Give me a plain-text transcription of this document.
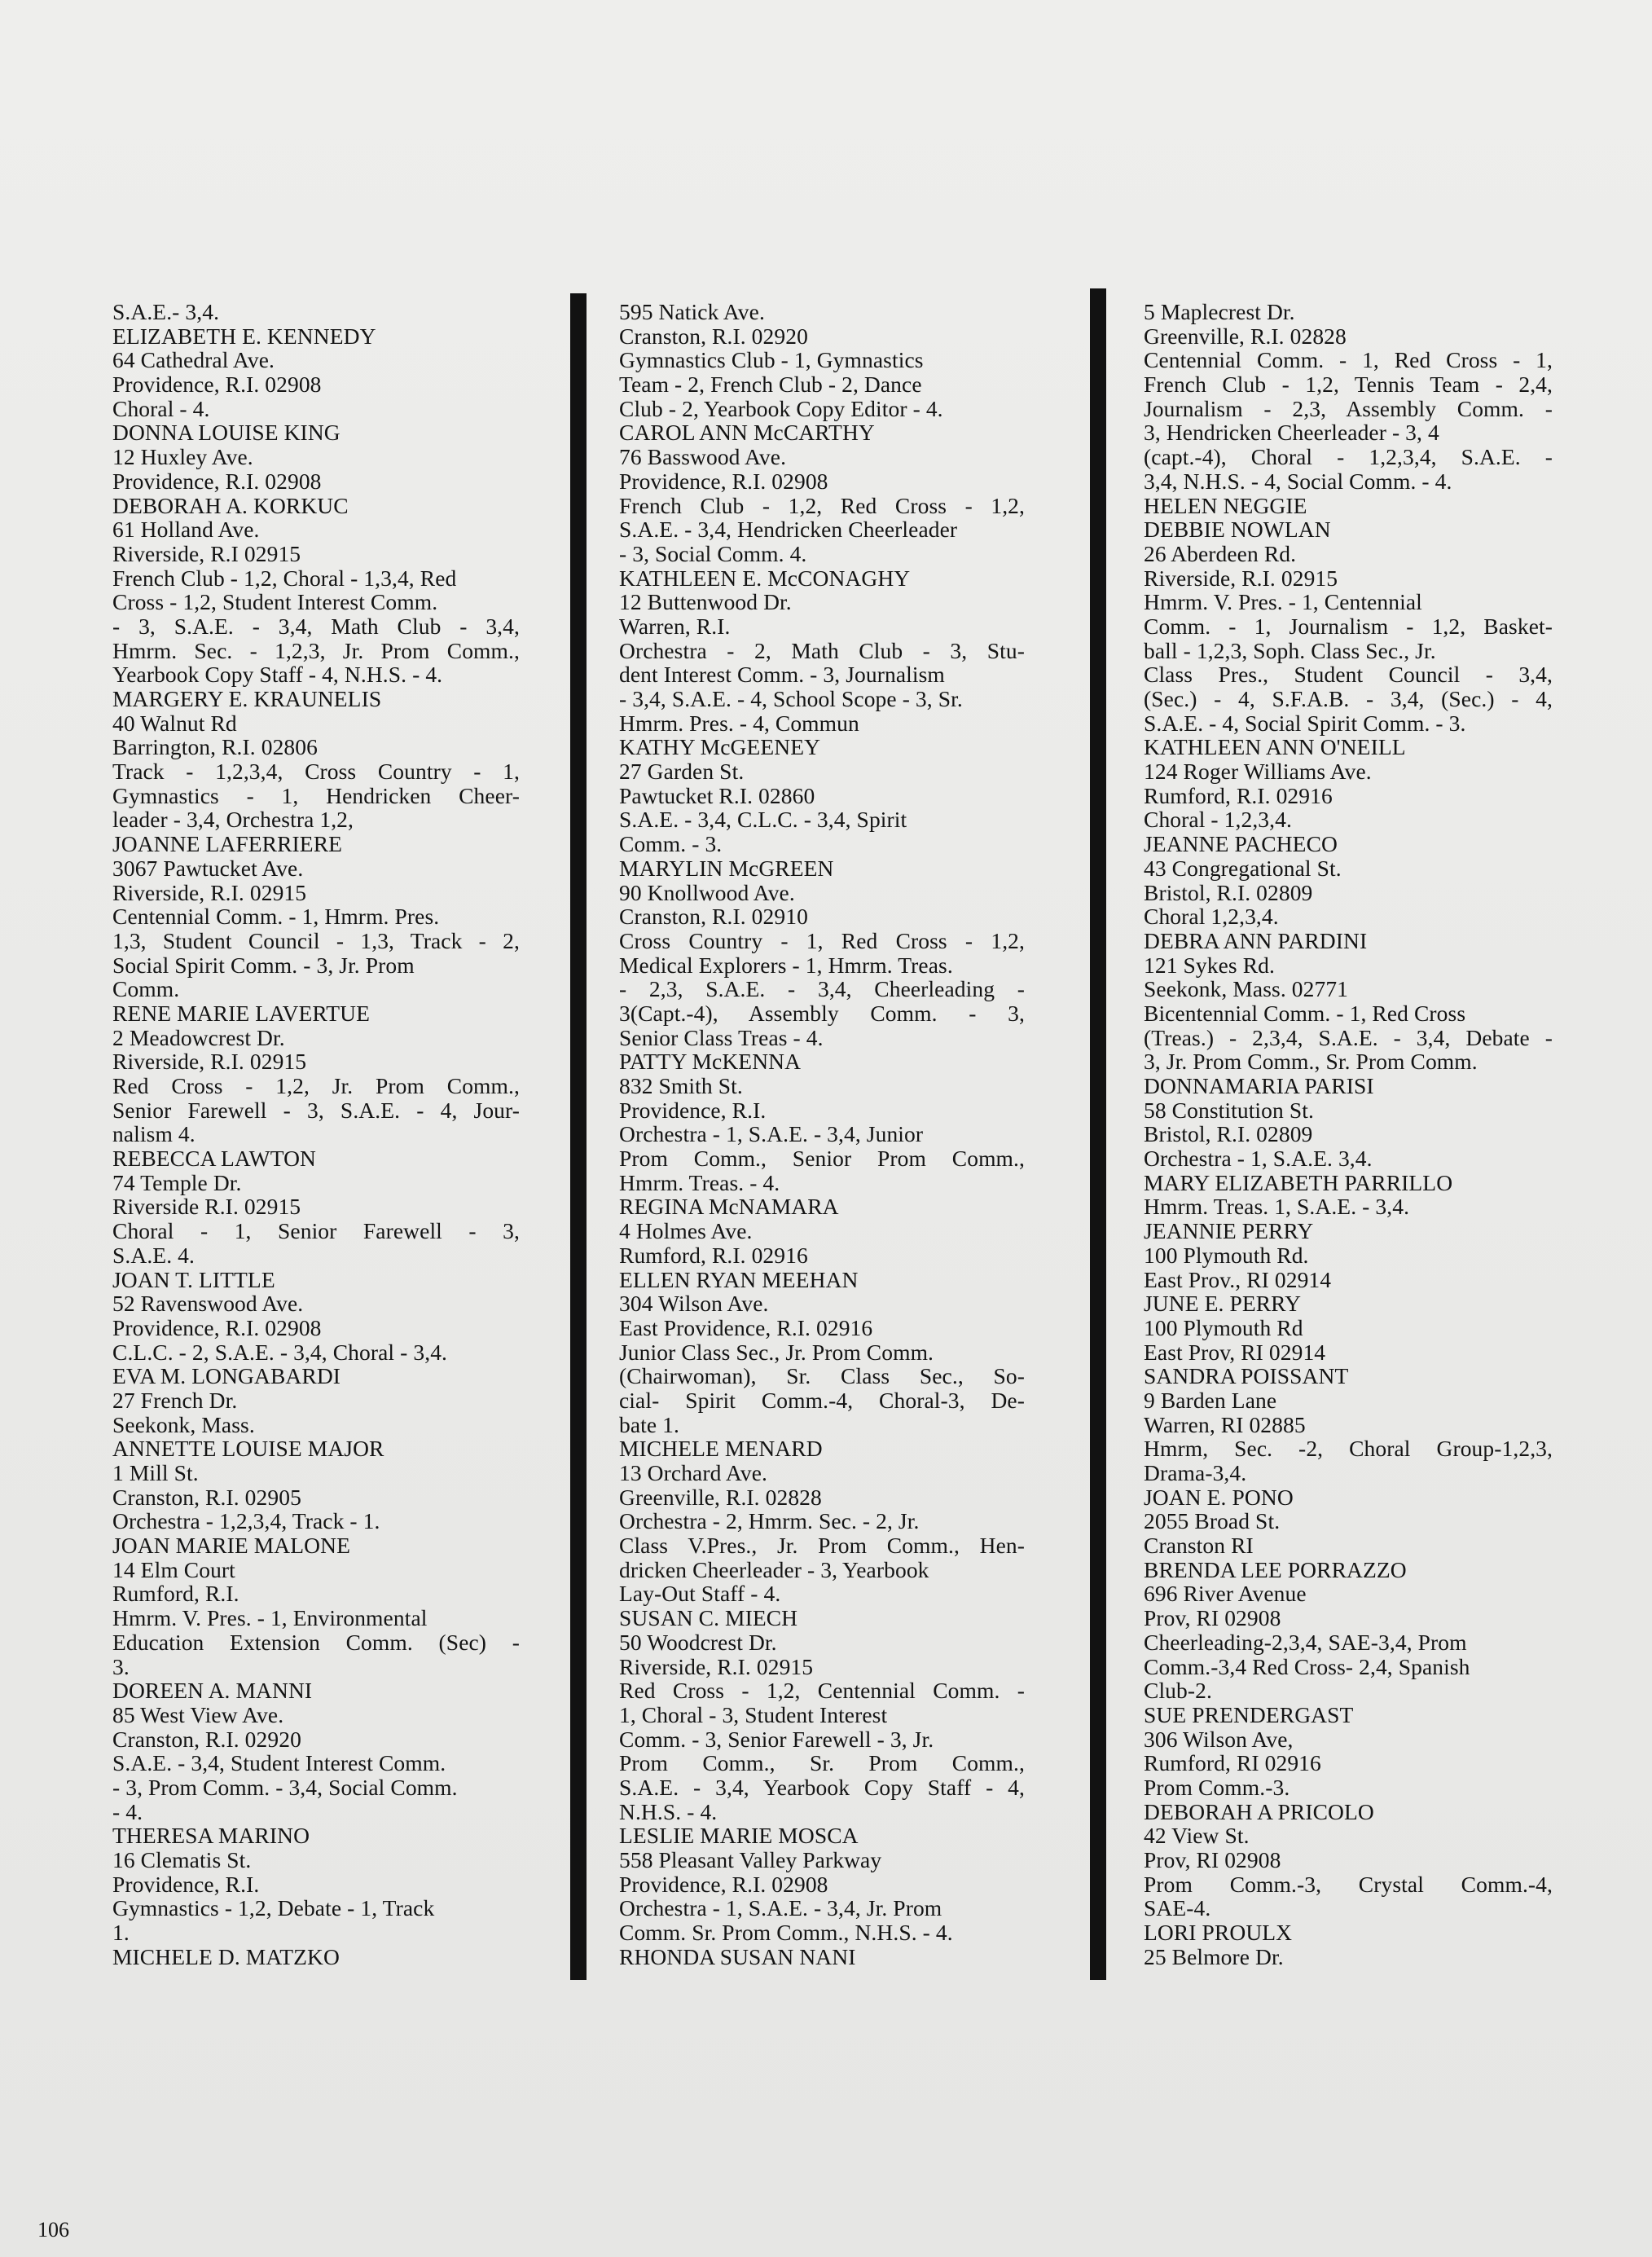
S.A.E.- 3,4.
ELIZABETH E. KENNEDY
64 Cathedral Ave.
Providence, R.I. 02908
Choral - 4.
DONNA LOUISE KING
12 Huxley Ave.
Providence, R.I. 02908
DEBORAH A. KORKUC
61 Holland Ave.
Riverside, R.I 02915
French Club - 1,2, Choral - 1,3,4, Red
Cross - 1,2, Student Interest Comm.
- 3, S.A.E. - 3,4, Math Club - 3,4,
Hmrm. Sec. - 1,2,3, Jr. Prom Comm.,
Yearbook Copy Staff - 4, N.H.S. - 4.
MARGERY E. KRAUNELIS
40 Walnut Rd
Barrington, R.I. 02806
Track - 1,2,3,4, Cross Country - 1,
Gymnastics - 1, Hendricken Cheer-
leader - 3,4, Orchestra 1,2,
JOANNE LAFERRIERE
3067 Pawtucket Ave.
Riverside, R.I. 02915
Centennial Comm. - 1, Hmrm. Pres.
1,3, Student Council - 1,3, Track - 2,
Social Spirit Comm. - 3, Jr. Prom
Comm.
RENE MARIE LAVERTUE
2 Meadowcrest Dr.
Riverside, R.I. 02915
Red Cross - 1,2, Jr. Prom Comm.,
Senior Farewell - 3, S.A.E. - 4, Jour-
nalism 4.
REBECCA LAWTON
74 Temple Dr.
Riverside R.I. 02915
Choral - 1, Senior Farewell - 3,
S.A.E. 4.
JOAN T. LITTLE
52 Ravenswood Ave.
Providence, R.I. 02908
C.L.C. - 2, S.A.E. - 3,4, Choral - 3,4.
EVA M. LONGABARDI
27 French Dr.
Seekonk, Mass.
ANNETTE LOUISE MAJOR
1 Mill St.
Cranston, R.I. 02905
Orchestra - 1,2,3,4, Track - 1.
JOAN MARIE MALONE
14 Elm Court
Rumford, R.I.
Hmrm. V. Pres. - 1, Environmental
Education Extension Comm. (Sec) -
3.
DOREEN A. MANNI
85 West View Ave.
Cranston, R.I. 02920
S.A.E. - 3,4, Student Interest Comm.
- 3, Prom Comm. - 3,4, Social Comm.
- 4.
THERESA MARINO
16 Clematis St.
Providence, R.I.
Gymnastics - 1,2, Debate - 1, Track
1.
MICHELE D. MATZKO
595 Natick Ave.
Cranston, R.I. 02920
Gymnastics Club - 1, Gymnastics
Team - 2, French Club - 2, Dance
Club - 2, Yearbook Copy Editor - 4.
CAROL ANN McCARTHY
76 Basswood Ave.
Providence, R.I. 02908
French Club - 1,2, Red Cross - 1,2,
S.A.E. - 3,4, Hendricken Cheerleader
- 3, Social Comm. 4.
KATHLEEN E. McCONAGHY
12 Buttenwood Dr.
Warren, R.I.
Orchestra - 2, Math Club - 3, Stu-
dent Interest Comm. - 3, Journalism
- 3,4, S.A.E. - 4, School Scope - 3, Sr.
Hmrm. Pres. - 4, Commun
KATHY McGEENEY
27 Garden St.
Pawtucket R.I. 02860
S.A.E. - 3,4, C.L.C. - 3,4, Spirit
Comm. - 3.
MARYLIN McGREEN
90 Knollwood Ave.
Cranston, R.I. 02910
Cross Country - 1, Red Cross - 1,2,
Medical Explorers - 1, Hmrm. Treas.
- 2,3, S.A.E. - 3,4, Cheerleading -
3(Capt.-4), Assembly Comm. - 3,
Senior Class Treas - 4.
PATTY McKENNA
832 Smith St.
Providence, R.I.
Orchestra - 1, S.A.E. - 3,4, Junior
Prom Comm., Senior Prom Comm.,
Hmrm. Treas. - 4.
REGINA McNAMARA
4 Holmes Ave.
Rumford, R.I. 02916
ELLEN RYAN MEEHAN
304 Wilson Ave.
East Providence, R.I. 02916
Junior Class Sec., Jr. Prom Comm.
(Chairwoman), Sr. Class Sec., So-
cial- Spirit Comm.-4, Choral-3, De-
bate 1.
MICHELE MENARD
13 Orchard Ave.
Greenville, R.I. 02828
Orchestra - 2, Hmrm. Sec. - 2, Jr.
Class V.Pres., Jr. Prom Comm., Hen-
dricken Cheerleader - 3, Yearbook
Lay-Out Staff - 4.
SUSAN C. MIECH
50 Woodcrest Dr.
Riverside, R.I. 02915
Red Cross - 1,2, Centennial Comm. -
1, Choral - 3, Student Interest
Comm. - 3, Senior Farewell - 3, Jr.
Prom Comm., Sr. Prom Comm.,
S.A.E. - 3,4, Yearbook Copy Staff - 4,
N.H.S. - 4.
LESLIE MARIE MOSCA
558 Pleasant Valley Parkway
Providence, R.I. 02908
Orchestra - 1, S.A.E. - 3,4, Jr. Prom
Comm. Sr. Prom Comm., N.H.S. - 4.
RHONDA SUSAN NANI
5 Maplecrest Dr.
Greenville, R.I. 02828
Centennial Comm. - 1, Red Cross - 1,
French Club - 1,2, Tennis Team - 2,4,
Journalism - 2,3, Assembly Comm. -
3, Hendricken Cheerleader - 3, 4
(capt.-4), Choral - 1,2,3,4, S.A.E. -
3,4, N.H.S. - 4, Social Comm. - 4.
HELEN NEGGIE
DEBBIE NOWLAN
26 Aberdeen Rd.
Riverside, R.I. 02915
Hmrm. V. Pres. - 1, Centennial
Comm. - 1, Journalism - 1,2, Basket-
ball - 1,2,3, Soph. Class Sec., Jr.
Class Pres., Student Council - 3,4,
(Sec.) - 4, S.F.A.B. - 3,4, (Sec.) - 4,
S.A.E. - 4, Social Spirit Comm. - 3.
KATHLEEN ANN O'NEILL
124 Roger Williams Ave.
Rumford, R.I. 02916
Choral - 1,2,3,4.
JEANNE PACHECO
43 Congregational St.
Bristol, R.I. 02809
Choral 1,2,3,4.
DEBRA ANN PARDINI
121 Sykes Rd.
Seekonk, Mass. 02771
Bicentennial Comm. - 1, Red Cross
(Treas.) - 2,3,4, S.A.E. - 3,4, Debate -
3, Jr. Prom Comm., Sr. Prom Comm.
DONNAMARIA PARISI
58 Constitution St.
Bristol, R.I. 02809
Orchestra - 1, S.A.E. 3,4.
MARY ELIZABETH PARRILLO
Hmrm. Treas. 1, S.A.E. - 3,4.
JEANNIE PERRY
100 Plymouth Rd.
East Prov., RI 02914
JUNE E. PERRY
100 Plymouth Rd
East Prov, RI 02914
SANDRA POISSANT
9 Barden Lane
Warren, RI 02885
Hmrm, Sec. -2, Choral Group-1,2,3,
Drama-3,4.
JOAN E. PONO
2055 Broad St.
Cranston RI
BRENDA LEE PORRAZZO
696 River Avenue
Prov, RI 02908
Cheerleading-2,3,4, SAE-3,4, Prom
Comm.-3,4 Red Cross- 2,4, Spanish
Club-2.
SUE PRENDERGAST
306 Wilson Ave,
Rumford, RI 02916
Prom Comm.-3.
DEBORAH A PRICOLO
42 View St.
Prov, RI 02908
Prom Comm.-3, Crystal Comm.-4,
SAE-4.
LORI PROULX
25 Belmore Dr.
106
